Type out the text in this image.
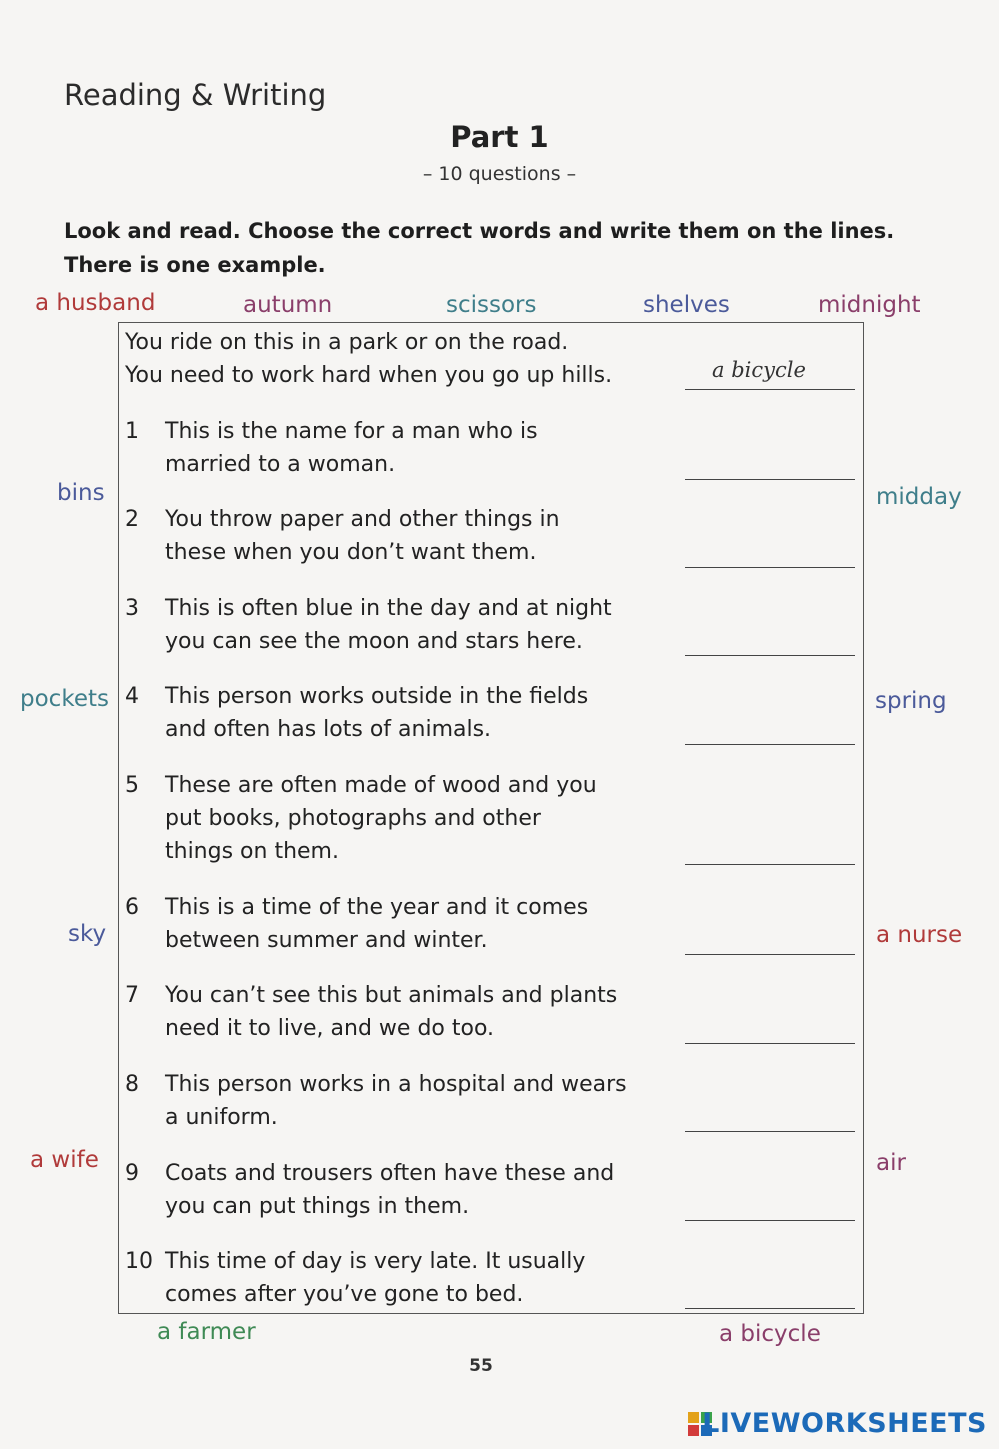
Reading & Writing
Part 1
– 10 questions –
Look and read. Choose the correct words and write them on the lines.
There is one example.
a husband	autumn	scissors	shelves	midnight
bins
pockets
sky
a wife
midday
spring
a nurse
air
a farmer	a bicycle
You ride on this in a park or on the road.
You need to work hard when you go up hills.	a bicycle
1	This is the name for a man who is
married to a woman.
2	You throw paper and other things in
these when you don’t want them.
3	This is often blue in the day and at night
you can see the moon and stars here.
4	This person works outside in the fields
and often has lots of animals.
5	These are often made of wood and you
put books, photographs and other
things on them.
6	This is a time of the year and it comes
between summer and winter.
7	You can’t see this but animals and plants
need it to live, and we do too.
8	This person works in a hospital and wears
a uniform.
9	Coats and trousers often have these and
you can put things in them.
10 This time of day is very late. It usually
comes after you’ve gone to bed.
55
LIVEWORKSHEETS
